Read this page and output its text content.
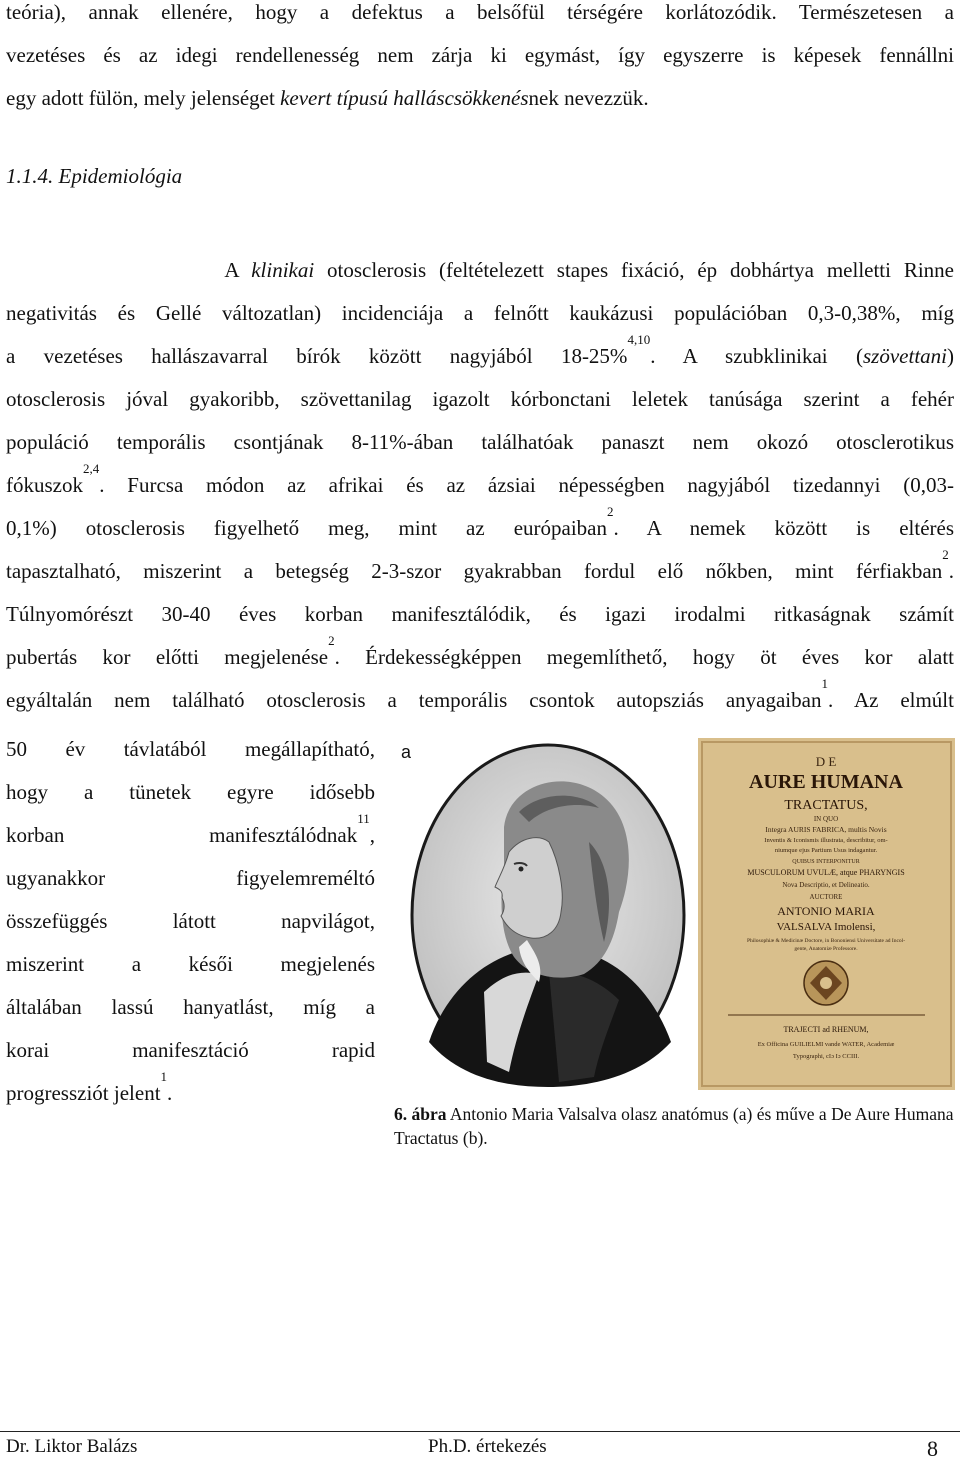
teória), annak ellenére, hogy a defektus a belsőfül térségére korlátozódik. Természetesen a
vezetéses és az idegi rendellenesség nem zárja ki egymást, így egyszerre is képesek fennállni
egy adott fülön, mely jelenséget kevert típusú halláscsökkenésnek nevezzük.
1.1.4. Epidemiológia
A klinikai otosclerosis (feltételezett stapes fixáció, ép dobhártya melletti Rinne
negativitás és Gellé változatlan) incidenciája a felnőtt kaukázusi populációban 0,3-0,38%, míg
a vezetéses hallászavarral bírók között nagyjából 18-25%$^{4,10}$. A szubklinikai (szövettani)
otosclerosis jóval gyakoribb, szövettanilag igazolt kórbonctani leletek tanúsága szerint a fehér
populáció temporális csontjának 8-11%-ában találhatóak panaszt nem okozó otosclerotikus
fókuszok$^{2,4}$. Furcsa módon az afrikai és az ázsiai népességben nagyjából tizedannyi (0,03-
0,1%) otosclerosis figyelhető meg, mint az európaiban$^2$. A nemek között is eltérés
tapasztalható, miszerint a betegség 2-3-szor gyakrabban fordul elő nőkben, mint férfiakban$^2$.
Túlnyomórészt 30-40 éves korban manifesztálódik, és igazi irodalmi ritkaságnak számít
pubertás kor előtti megjelenése$^2$. Érdekességképpen megemlíthető, hogy öt éves kor alatt
egyáltalán nem található otosclerosis a temporális csontok autopsziás anyagaiban$^1$. Az elmúlt
50 év távlatából megállapítható,
hogy a tünetek egyre idősebb
korban manifesztálódnak$^{11}$,
ugyanakkor figyelemreméltó
összefüggés látott napvilágot,
miszerint a késői megjelenés
általában lassú hanyatlást, míg a
korai manifesztáció rapid
progressziót jelent$^1$.
a	D E
AURE HUMANA
TRACTATUS,
IN QUO
Integra AURIS FABRICA, multis Novis
Inventis & Iconismis illustrata, describitur, om-
niumque ejus Partium Usus indagantur.
QUIBUS INTERPONITUR
MUSCULORUM UVULÆ, atque PHARYNGIS
Nova Descriptio, et Delineatio.
AUCTORE
ANTONIO MARIA
VALSALVA Imolensi,
Philosophiæ & Medicinæ Doctore, in Bononiensi Universitate ad Incol-
gente, Anatomiæ Professore.
TRAJECTI ad RHENUM,
Ex Officina GUILIELMI vande WATER, Academiæ
Typographi, cIɔ Iɔ CCIII.
6. ábra Antonio Maria Valsalva olasz anatómus (a) és műve a De Aure Humana Tractatus (b).
Dr. Liktor Balázs	Ph.D. értekezés	8
